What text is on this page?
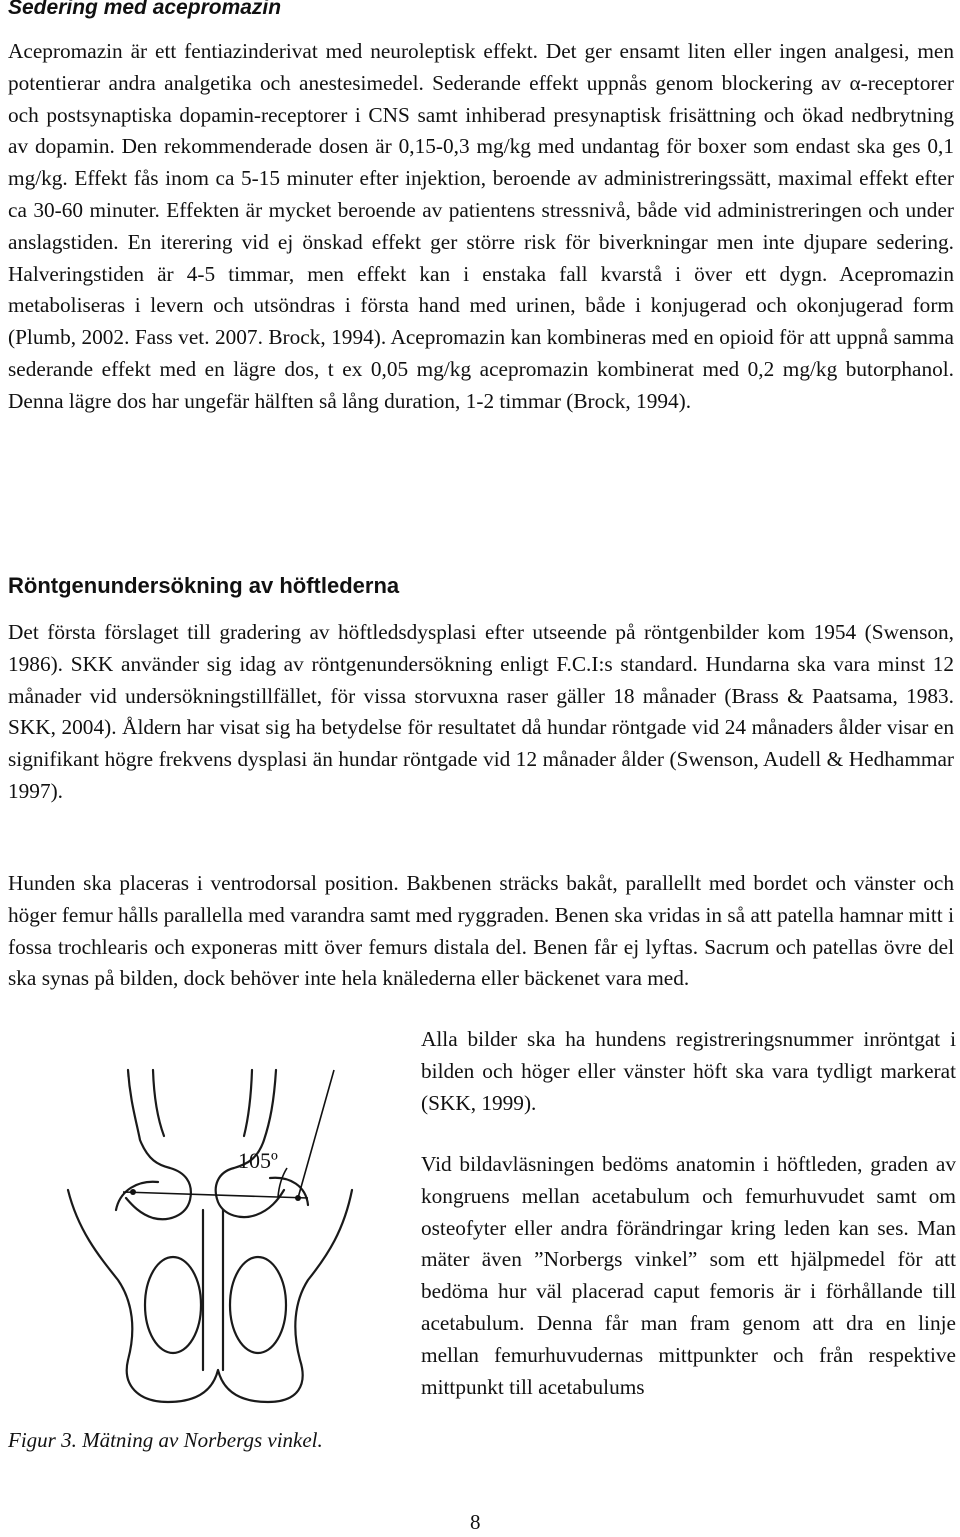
Sedering med acepromazin

Acepromazin är ett fentiazinderivat med neuroleptisk effekt. Det ger ensamt liten eller ingen analgesi, men potentierar andra analgetika och anestesimedel. Sederande effekt uppnås genom blockering av α-receptorer och postsynaptiska dopamin-receptorer i CNS samt inhiberad presynaptisk frisättning och ökad nedbrytning av dopamin. Den rekommenderade dosen är 0,15-0,3 mg/kg med undantag för boxer som endast ska ges 0,1 mg/kg. Effekt fås inom ca 5-15 minuter efter injektion, beroende av administreringssätt, maximal effekt efter ca 30-60 minuter. Effekten är mycket beroende av patientens stressnivå, både vid administreringen och under anslagstiden. En iterering vid ej önskad effekt ger större risk för biverkningar men inte djupare sedering. Halveringstiden är 4-5 timmar, men effekt kan i enstaka fall kvarstå i över ett dygn. Acepromazin metaboliseras i levern och utsöndras i första hand med urinen, både i konjugerad och okonjugerad form (Plumb, 2002. Fass vet. 2007. Brock, 1994). Acepromazin kan kombineras med en opioid för att uppnå samma sederande effekt med en lägre dos, t ex 0,05 mg/kg acepromazin kombinerat med 0,2 mg/kg butorphanol. Denna lägre dos har ungefär hälften så lång duration, 1-2 timmar (Brock, 1994).

Röntgenundersökning av höftlederna

Det första förslaget till gradering av höftledsdysplasi efter utseende på röntgenbilder kom 1954 (Swenson, 1986). SKK använder sig idag av röntgenundersökning enligt F.C.I:s standard. Hundarna ska vara minst 12 månader vid undersökningstillfället, för vissa storvuxna raser gäller 18 månader (Brass & Paatsama, 1983. SKK, 2004). Åldern har visat sig ha betydelse för resultatet då hundar röntgade vid 24 månaders ålder visar en signifikant högre frekvens dysplasi än hundar röntgade vid 12 månader ålder (Swenson, Audell & Hedhammar 1997).

Hunden ska placeras i ventrodorsal position. Bakbenen sträcks bakåt, parallellt med bordet och vänster och höger femur hålls parallella med varandra samt med ryggraden. Benen ska vridas in så att patella hamnar mitt i fossa trochlearis och exponeras mitt över femurs distala del. Benen får ej lyftas. Sacrum och patellas övre del ska synas på bilden, dock behöver inte hela knälederna eller bäckenet vara med.

Alla bilder ska ha hundens registreringsnummer inröntgat i bilden och höger eller vänster höft ska vara tydligt markerat (SKK, 1999).

Vid bildavläsningen bedöms anatomin i höftleden, graden av kongruens mellan acetabulum och femurhuvudet samt om osteofyter eller andra förändringar kring leden kan ses. Man mäter även ”Norbergs vinkel” som ett hjälpmedel för att bedöma hur väl placerad caput femoris är i förhållande till acetabulum. Denna får man fram genom att dra en linje mellan femurhuvudernas mittpunkter och från respektive mittpunkt till acetabulums

105º

Figur 3. Mätning av Norbergs vinkel.

8
